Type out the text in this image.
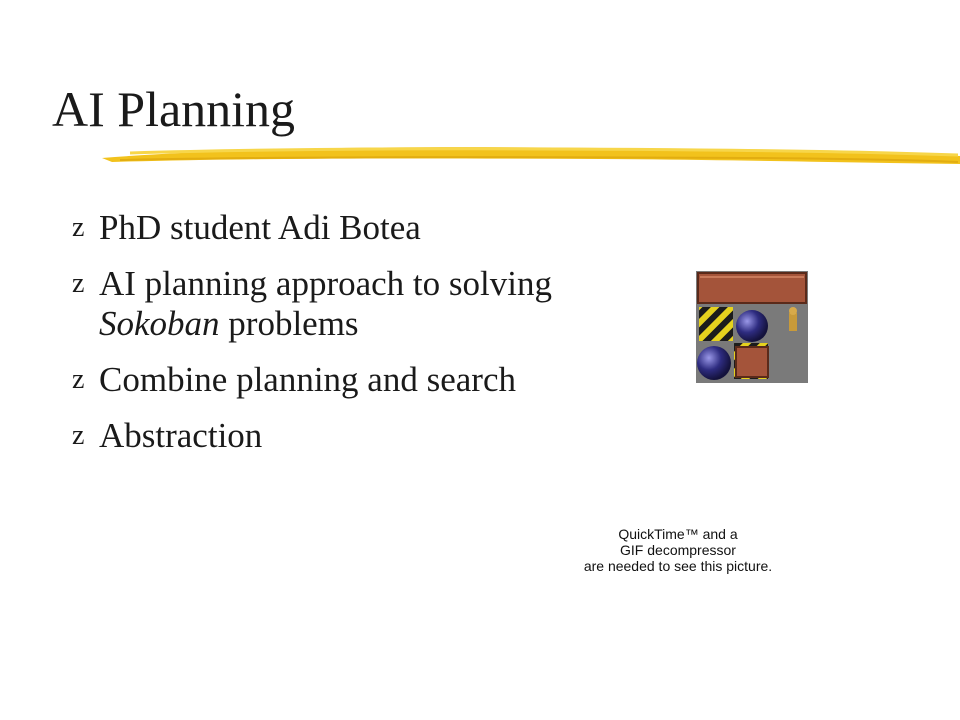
AI Planning
z PhD student Adi Botea
z AI planning approach to solving Sokoban problems
z Combine planning and search
z Abstraction
QuickTime™ and a
GIF decompressor
are needed to see this picture.
